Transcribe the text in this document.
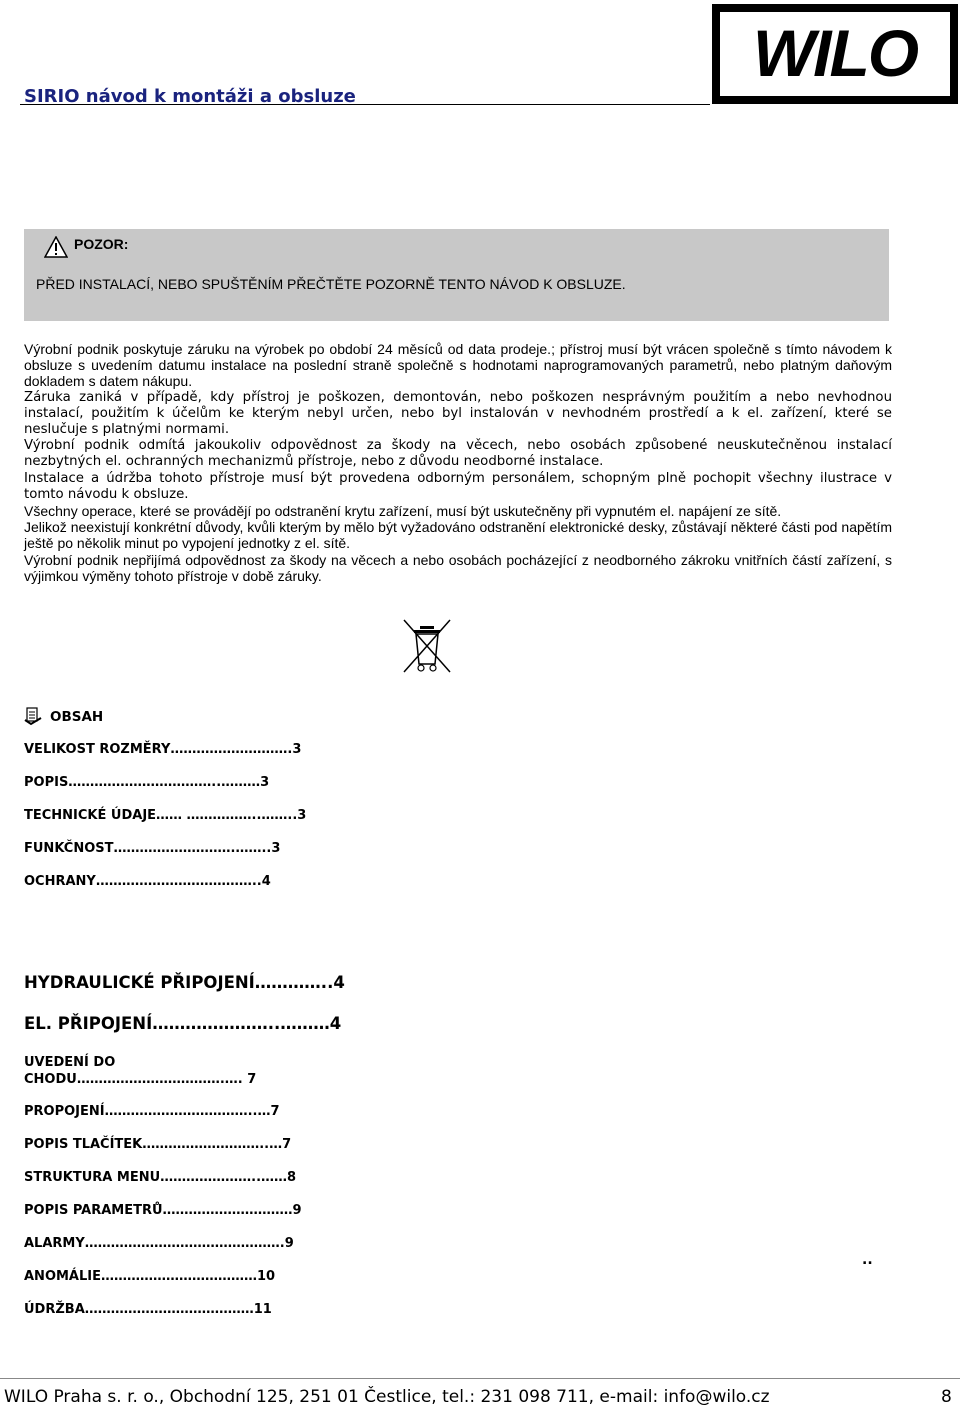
SIRIO návod k montáži a obsluze
WILO
POZOR:
PŘED INSTALACÍ, NEBO SPUŠTĚNÍM PŘEČTĚTE POZORNĚ TENTO NÁVOD K OBSLUZE.

Výrobní podnik poskytuje záruku na výrobek po období 24 měsíců od data prodeje.; přístroj musí být vrácen společně s tímto návodem k obsluze s uvedením datumu instalace na poslední straně společně s hodnotami naprogramovaných parametrů, nebo platným daňovým dokladem s datem nákupu.

Záruka zaniká v případě, kdy přístroj je poškozen, demontován, nebo poškozen nesprávným použitím a nebo nevhodnou instalací, použitím k účelům ke kterým nebyl určen, nebo byl instalován v nevhodném prostředí a k el. zařízení, které se neslučuje s platnými normami.

Výrobní podnik odmítá jakoukoliv odpovědnost za škody na věcech, nebo osobách způsobené neuskutečněnou instalací nezbytných el. ochranných mechanizmů přístroje, nebo z důvodu neodborné instalace.

Instalace a údržba tohoto přístroje musí být provedena odborným personálem, schopným plně pochopit všechny ilustrace v tomto návodu k obsluze.

Všechny operace, které se provádějí po odstranění krytu zařízení, musí být uskutečněny při vypnutém el. napájení ze sítě.

Jelikož neexistují konkrétní důvody, kvůli kterým by mělo být vyžadováno odstranění elektronické desky, zůstávají některé části pod napětím ještě po několik minut po vypojení jednotky z el. sítě.

Výrobní podnik nepřijímá odpovědnost za škody na věcech a nebo osobách pocházející z neodborného zákroku vnitřních částí zařízení, s výjimkou výměny tohoto přístroje v době záruky.

OBSAH
VELIKOST ROZMĚRY……………………….3
POPIS……………………………..………3
TECHNICKÉ ÚDAJE…… ……………..……..3
FUNKČNOST……………………….……..3
OCHRANY………………………………..4
HYDRAULICKÉ PŘIPOJENÍ…………..4
EL. PŘIPOJENÍ…………………..………4
UVEDENÍ DO
CHODU…………………………….…. 7
PROPOJENÍ……………………………..…7
POPIS TLAČÍTEK………………………..…7
STRUKTURA MENU…………………..……8
POPIS PARAMETRŮ…………………………9
ALARMY……………………………………….9
ANOMÁLIE………………………………10
ÚDRŽBA…………………………………11
..
WILO Praha s. r. o., Obchodní 125, 251 01 Čestlice, tel.: 231 098 711, e-mail: info@wilo.cz	8
